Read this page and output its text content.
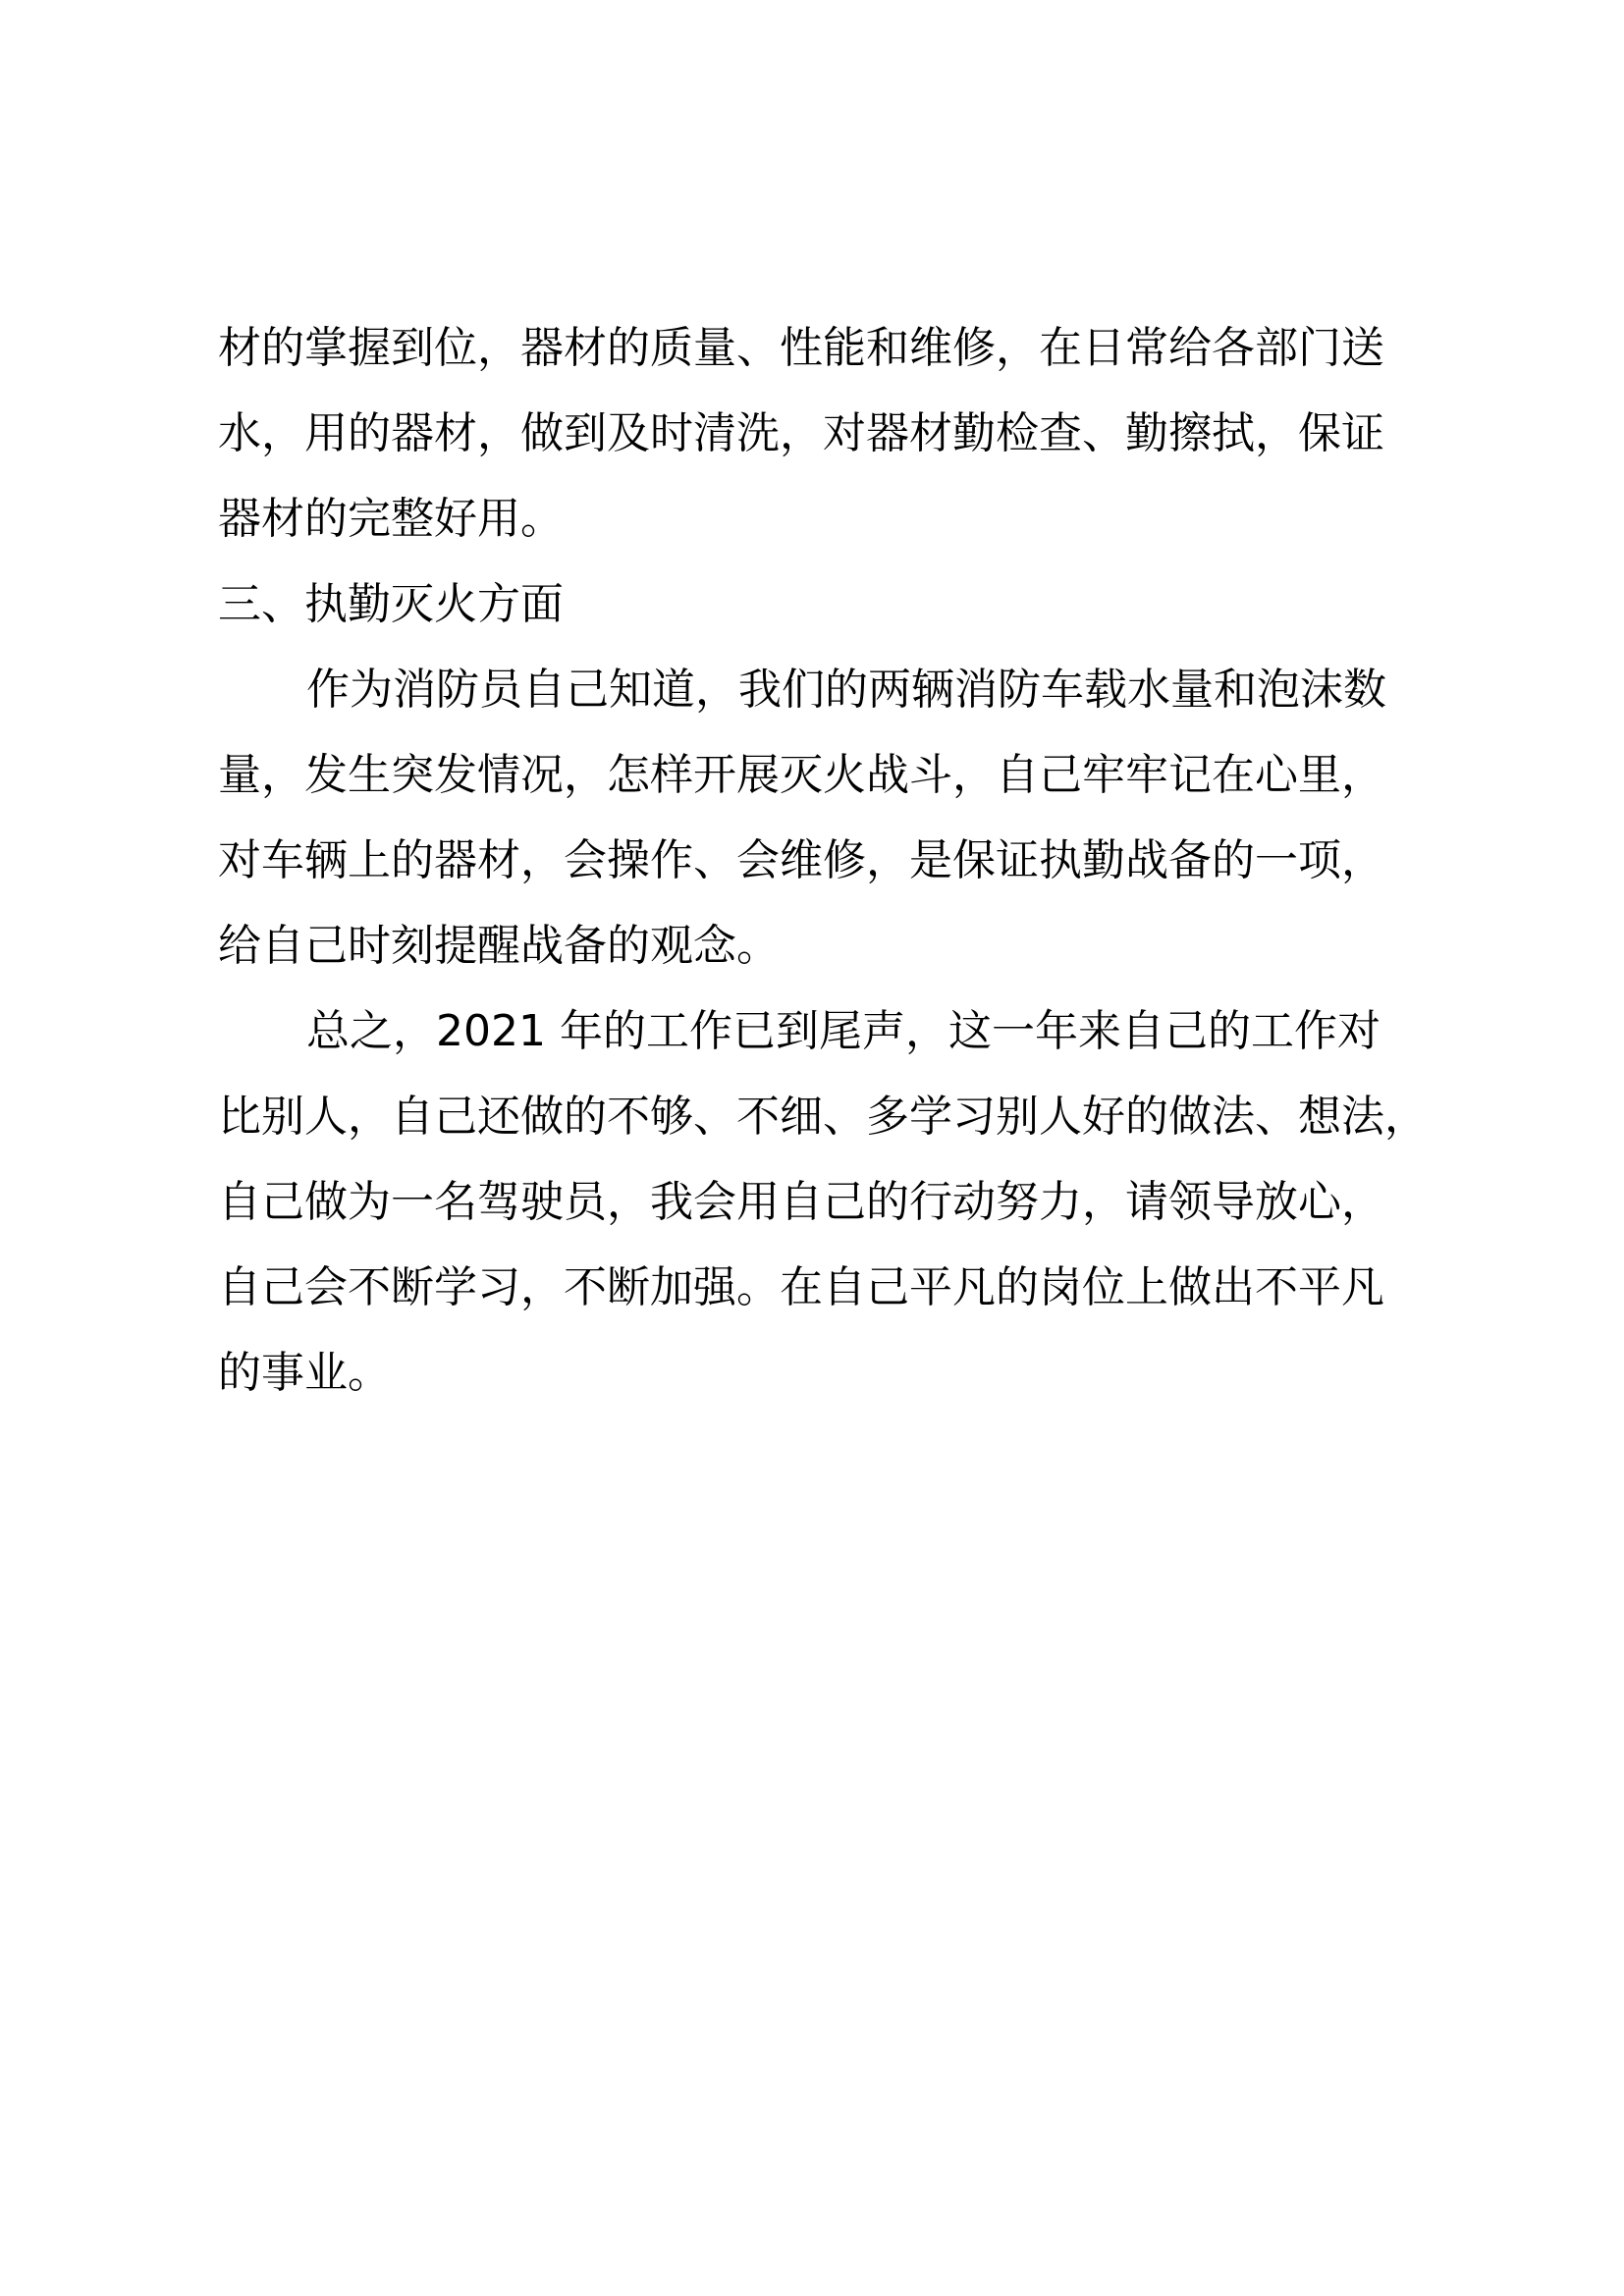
材的掌握到位，器材的质量、性能和维修，在日常给各部门送
水，用的器材，做到及时清洗，对器材勤检查、勤擦拭，保证
器材的完整好用。
三、执勤灭火方面
作为消防员自己知道，我们的两辆消防车载水量和泡沫数
量，发生突发情况，怎样开展灭火战斗，自己牢牢记在心里，
对车辆上的器材，会操作、会维修，是保证执勤战备的一项，
给自己时刻提醒战备的观念。
总之，2021 年的工作已到尾声，这一年来自己的工作对
比别人，自己还做的不够、不细、多学习别人好的做法、想法，
自己做为一名驾驶员，我会用自己的行动努力，请领导放心，
自己会不断学习，不断加强。在自己平凡的岗位上做出不平凡
的事业。
